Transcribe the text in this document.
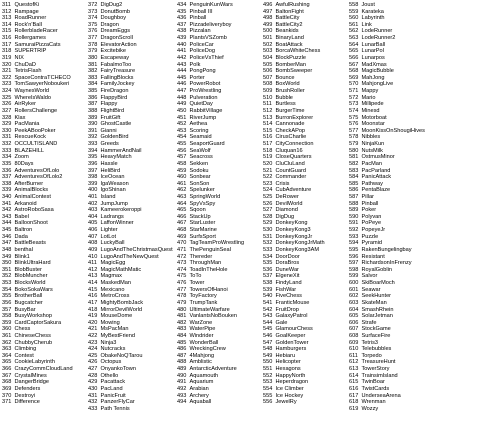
311 QuestofKi
312 Rampage
313 RoadRunner
314 Rock'n'Ball
315 RollerbladeRacer
316 Rollergames
317 SamuraiPizzaCats
318 SUPERTRIP
319 NIX
320 ChuDaD
321 TetrisFlash
322 SpaceContraTCHECO
323 TomSawyerNoboukeri
324 WaynesWorld
325 WhereIsWaldo
326 AirRyker
327 RollersChallenge
328 Klax
329 PacMania
330 PeekABooPoker
331 RescueKock
332 OCCULTISLAND
333 BLAZEHILL
334 Zoom
335 80Days
336 AdventuresOfLolo
337 AdventuresOfLolo2
338 AfterBurner
339 AnimalBlocks
340 AnimalContest
341 Arkanoid
342 AstroRoboSasa
343 Babel
344 BalloonShoot
345 Baltron
346 Dada
347 BattleBeasts
348 benthal
349 Blink1
350 BlinkUltraHard
351 BlobBuster
352 BlobMuncher
353 BlocksWorld
354 BokoSokaWars
355 BrotherBall
356 Bugcatcher
357 BusyBar
358 BusyWorkshop
359 CardCaptorSakura
360 Chess
361 ChineseChess
362 ChubbyCherub
363 Climbing
364 Contest
365 CookieLabyrinth
366 CrazyCommCloudLand
367 CrystalMines
368 DangerBridge
369 Defenders
370 Destroyi
371 Difference
372 DigDug2
373 DonutBomb
374 Doughboy
375 Dragon
376 DreamEggs
377 DragonScroll
378 ElevatorAction
379 Excitebike
380 Escapeway
381 FabalmoToo
382 FairyTreasure
383 FallingBlocks
384 FamilyJockey
385 FireDragon
386 FlappyBird
387 Flappy
388 FlightBird
389 FruitGift
390 GhostCastle
391 Gianni
392 GoldenBird
393 Greeds
394 HammerAndNail
395 HeavyMatch
396 Hassle
397 HeliBird
398 IceOcean
399 IgaWeason
400 IgoShinan
401 Island
402 JumpJump
403 Kameerokeroppi
404 Ladrangs
405 LaffonWinner
406 Lighter
407 LotLot
408 LuckyBall
409 LugoAndTheChristmasQuest
410 LugoAndTheNewQuest
411 MagicEgg
412 MagicMathMatic
413 Magmax
414 MaskedMan
415 Mexicano
416 MetroCross
417 MightyBombJack
418 MirrorDevilWorld
419 MouseDome
420 Mowing
421 MsPacMan
422 MyBestFriend
423 Ninja3
424 Nutcracks
425 ObakeNoQTarou
426 Octopus
427 OnyankoTown
428 Othello
429 Pacattack
430 PacLand
431 PanicFruit
432 PanzerFlyCar
433 Path Tennis
434 PenguinKunWars
435 Pinball III
436 Pinball
437 Pizzadeliveryboy
438 Pizzalan
439 PlantsVSZomb
440 PoliceCar
441 PoliceDog
442 PoliceVsThief
443 Polk
444 PongPong
445 Porter
446 PowerRobot
447 ProWrestling
448 Pulveration
449 QuietDay
450 RabbitVillage
451 RiverJump
452 Aethea
453 Scoring
454 Seamaid
455 SeaportGuard
456 SeaWolf
457 Seacross
458 Sekken
459 Sodoku
460 Sonbear
461 SonSon
462 Spelunker
463 SpringWorld
464 SpyVsSpy
465 Sqoon
466 StackUp
467 StarLuster
468 StarMarine
469 SurfsSport
470 TagTeamProWrestling
471 ThePenguinSeal
472 Thereder
473 ThroughMan
474 ToadInTheHole
475 ToTo
476 Tower
477 TowersOfHanoi
478 ToyFactory
479 TrumpTank
480 UltimateWarfare
481 VanlantsNoBouken
482 WarZone
483 WaterPipe
484 Windrider
485 WonderBall
486 WreckingCrew
487 4Mahjong
488 Amblistic
489 AntarcticAdventure
490 Aquamouth
491 Aquarium
492 Arabian
493 Archery
494 Aquaball
496 AwfulRushing
497 BaltonFight
498 BattleCity
499 BattleCity2
500 Beankids
501 BinaryLand
502 BoatAttack
503 BorcaWhiteChess
504 BlockPuzzle
505 BomberMan
506 BombSweeper
507 Bounce
508 BoxWorld
509 BrushRoller
510 Bubble
511 Burtless
512 BurgerTime
513 BurronExplorer
514 Cannonade
515 CheckAPop
516 CirusCharlie
517 CityConnection
518 Cluquan16
519 CloseQuarters
520 CluCluLand
521 CountGuard
522 Commander
523 Crisis
524 CubAdventure
525 DeRower
526 DevilWorld
527 Diamond
528 DigDug
529 DonkeyKong
530 DonkeyKong3
531 DonkeyKongJr
532 DonkeyKongJrMath
533 DonkeyKong3AM
534 DoorDoor
535 DoraBros
536 DuneWar
537 ElgeneXit
538 FindyLand
539 FishWar
540 FiveChess
541 FranticMouse
542 FruitDrop
543 GalaxyPatrol
544 Gale
545 GlamourChess
546 GoalKeeper
547 GoldenTower
548 Hamburgers
549 Hebiaru
550 Helicopter
551 Hexagons
552 HappyNorth
553 Heperdragon
554 Ice Climber
555 Ice Hockey
556 JewelRy
558 Joust
559 Karateka
560 Labyrinth
561 Link
562 LodeRunner
563 LodeRunner2
564 LunarBall
565 LunarPol
566 Lunarpos
567 MadXmas
568 MagicBubble
569 MahJong
570 MahjongLive
571 Mappy
572 Mario
573 Millipede
574 Minesd
575 Motorboat
576 Moonstar
577 MoonKissOnShougiHives
578 Nibbles
579 NinjaKun
580 NutsMilk
581 OstmusMinor
582 PacMan
583 PacParland
584 PanicAttack
585 Pathway
586 PentaBlaze
587 Pillar
588 Pinball
589 Poker
590 Polyvan
591 PoPeye
592 PopeyeJr
593 Puzzle
594 Pyramid
595 RakenBungelingbay
596 Resistant
597 RichardsonInFrenzy
598 RoyalGoblin
599 Salvor
600 SkiBoarMoch
601 Seawar
602 SeekHunter
603 SkateMan
604 SmashRhein
605 SolarJetman
606 Strafe
607 StockGame
608 SurfaceFire
609 Tetris3
610 Telebubbles
611 Torpedo
612 TreasureHunt
613 TowerStory
614 TrainsimIsland
615 TwinBoar
616 TwistCards
617 UnderseaArena
618 Wrenman
619 Wozzy
